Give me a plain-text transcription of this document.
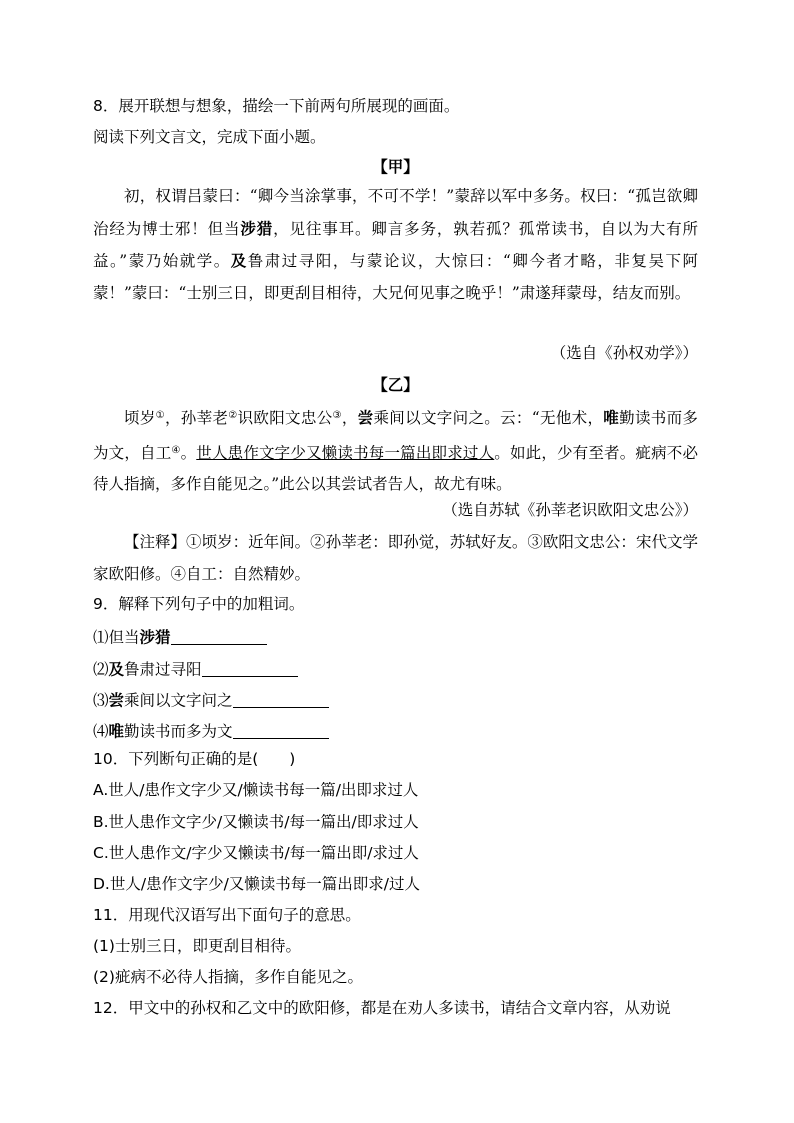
8．展开联想与想象，描绘一下前两句所展现的画面。
阅读下列文言文，完成下面小题。
【甲】
初，权谓吕蒙曰：“卿今当涂掌事，不可不学！”蒙辞以军中多务。权曰：“孤岂欲卿治经为博士邪！但当涉猎，见往事耳。卿言多务，孰若孤？孤常读书，自以为大有所益。”蒙乃始就学。及鲁肃过寻阳，与蒙论议，大惊曰：“卿今者才略，非复吴下阿蒙！”蒙曰：“士别三日，即更刮目相待，大兄何见事之晚乎！”肃遂拜蒙母，结友而别。
（选自《孙权劝学》）
【乙】
顷岁①，孙莘老②识欧阳文忠公③，尝乘间以文字问之。云：“无他术，唯勤读书而多为文，自工④。世人患作文字少又懒读书每一篇出即求过人。如此，少有至者。疵病不必待人指摘，多作自能见之。”此公以其尝试者告人，故尤有味。
（选自苏轼《孙莘老识欧阳文忠公》）
【注释】①顷岁：近年间。②孙莘老：即孙觉，苏轼好友。③欧阳文忠公：宋代文学家欧阳修。④自工：自然精妙。
9．解释下列句子中的加粗词。
⑴但当涉猎
⑵及鲁肃过寻阳
⑶尝乘间以文字问之
⑷唯勤读书而多为文
10．下列断句正确的是(　　)
A.世人/患作文字少又/懒读书每一篇/出即求过人
B.世人患作文字少/又懒读书/每一篇出/即求过人
C.世人患作文/字少又懒读书/每一篇出即/求过人
D.世人/患作文字少/又懒读书每一篇出即求/过人
11．用现代汉语写出下面句子的意思。
(1)士别三日，即更刮目相待。
(2)疵病不必待人指摘，多作自能见之。
12．甲文中的孙权和乙文中的欧阳修，都是在劝人多读书，请结合文章内容，从劝说
